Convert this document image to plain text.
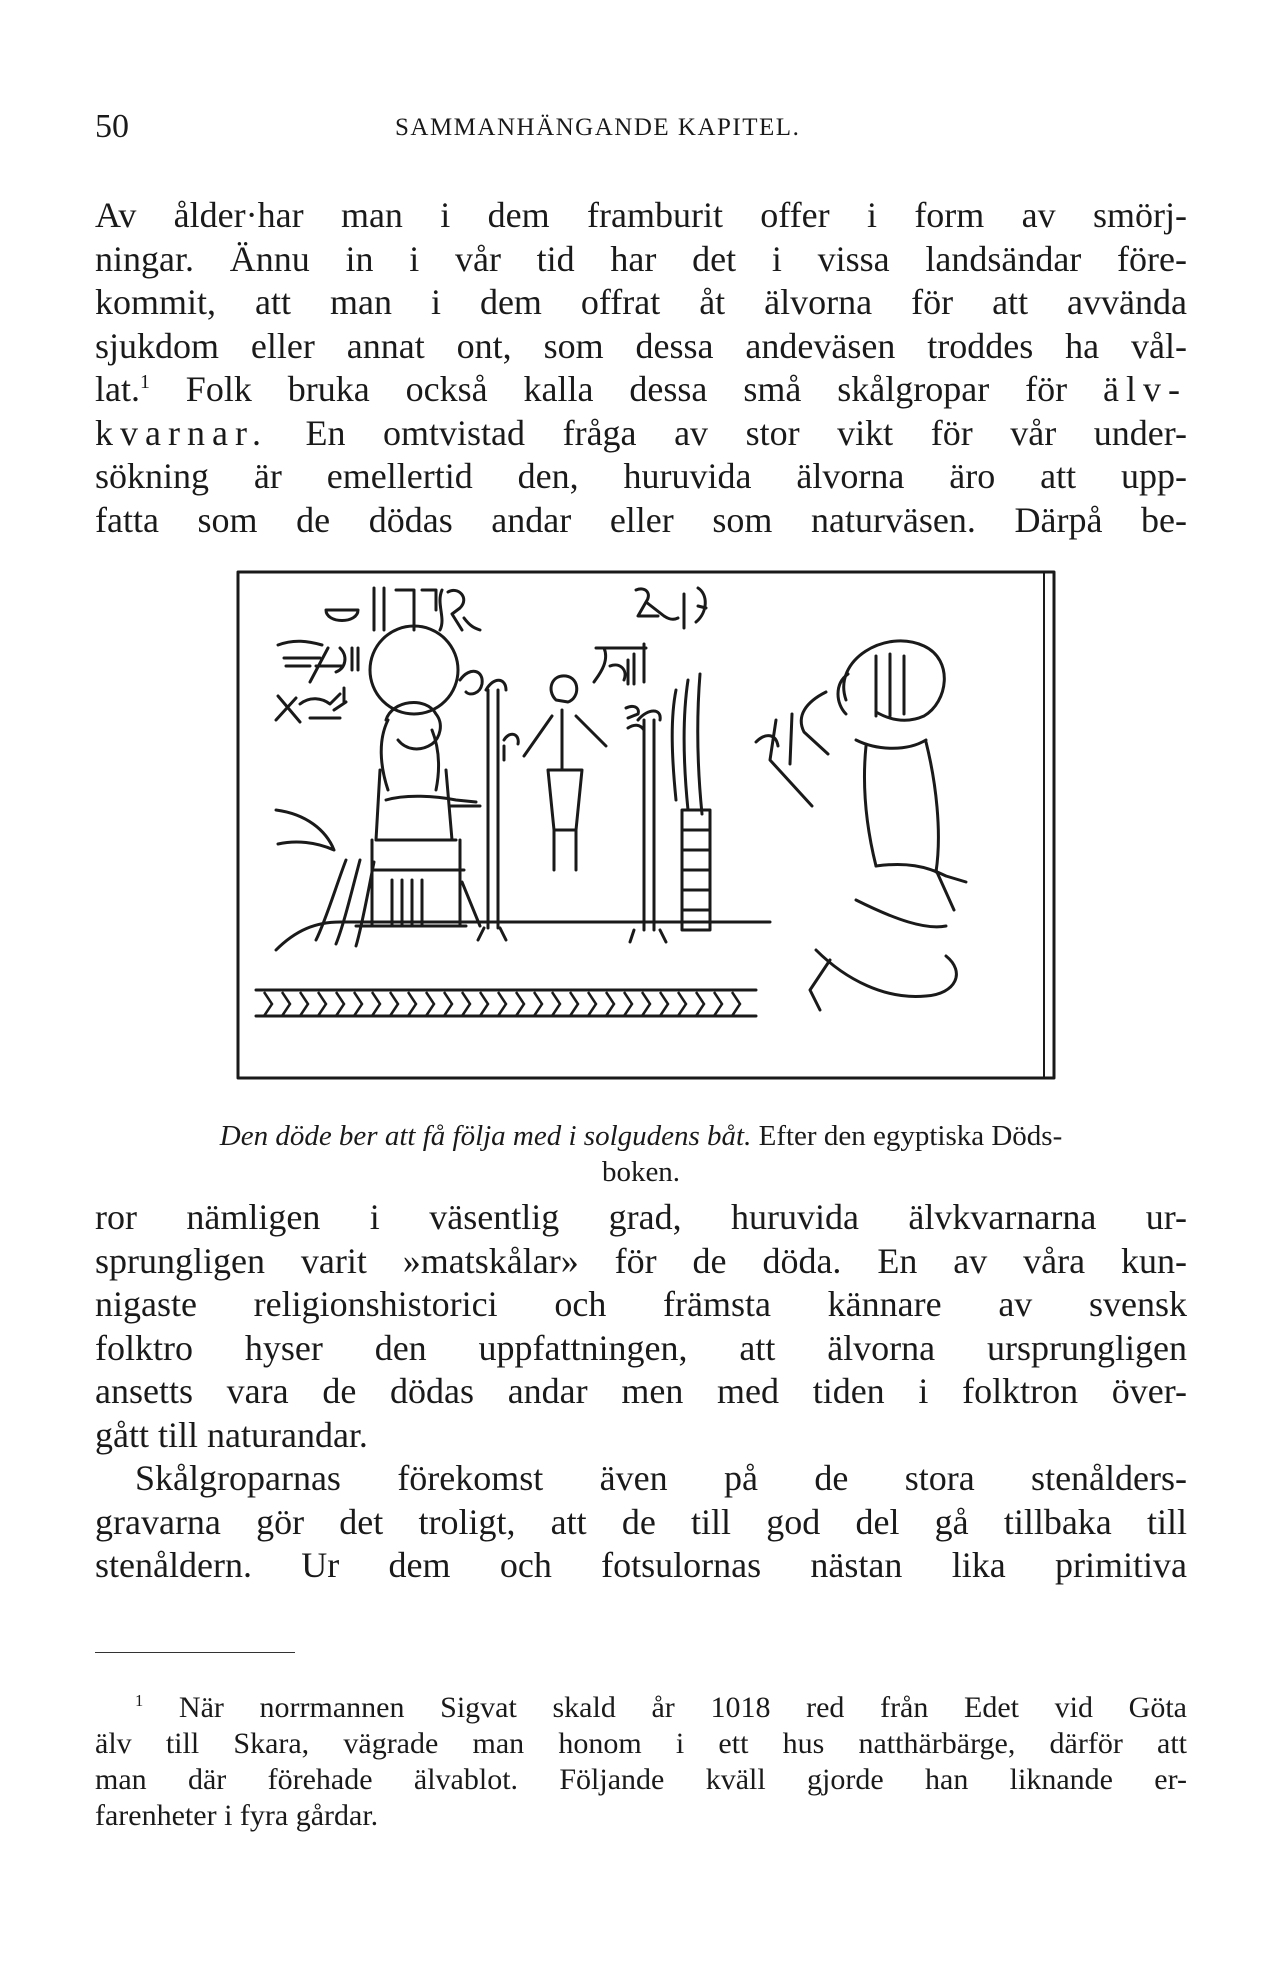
50	SAMMANHÄNGANDE KAPITEL.
Av ålder·har man i dem framburit offer i form av smörj-
ningar. Ännu in i vår tid har det i vissa landsändar före-
kommit, att man i dem offrat åt älvorna för att avvända
sjukdom eller annat ont, som dessa andeväsen troddes ha vål-
lat.$^1$ Folk bruka också kalla dessa små skålgropar för älv-
kvarnar. En omtvistad fråga av stor vikt för vår under-
sökning är emellertid den, huruvida älvorna äro att upp-
fatta som de dödas andar eller som naturväsen. Därpå be-
Den döde ber att få följa med i solgudens båt. Efter den egyptiska Döds-
boken.
ror nämligen i väsentlig grad, huruvida älvkvarnarna ur-
sprungligen varit »matskålar» för de döda. En av våra kun-
nigaste religionshistorici och främsta kännare av svensk
folktro hyser den uppfattningen, att älvorna ursprungligen
ansetts vara de dödas andar men med tiden i folktron över-
gått till naturandar.
Skålgroparnas förekomst även på de stora stenålders-
gravarna gör det troligt, att de till god del gå tillbaka till
stenåldern. Ur dem och fotsulornas nästan lika primitiva
$^1$ När norrmannen Sigvat skald år 1018 red från Edet vid Göta
älv till Skara, vägrade man honom i ett hus natthärbärge, därför att
man där förehade älvablot. Följande kväll gjorde han liknande er-
farenheter i fyra gårdar.
